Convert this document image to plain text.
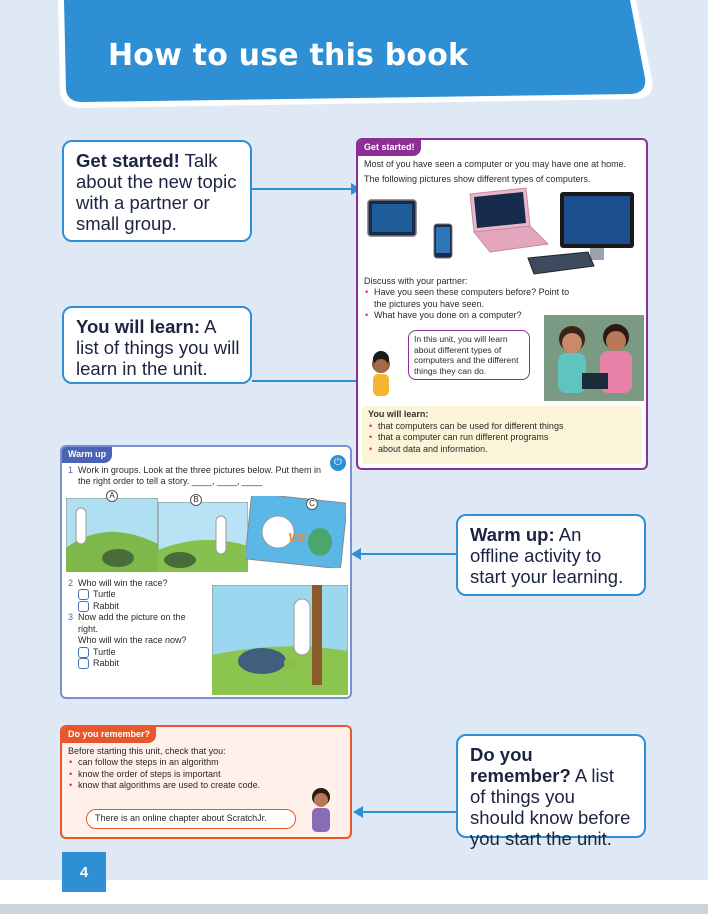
How to use this book
Get started! Talk about the new topic with a partner or small group.
You will learn: A list of things you will learn in the unit.
Get started!
Most of you have seen a computer or you may have one at home.
The following pictures show different types of computers.
Discuss with your partner:
• Have you seen these computers before? Point to the pictures you have seen.
• What have you done on a computer?
In this unit, you will learn about different types of computers and the different things they can do.
You will learn:
• that computers can be used for different things
• that a computer can run different programs
• about data and information.
Warm up
⏻
1 Work in groups. Look at the three pictures below. Put them in the right order to tell a story. ____, ____, ____
A	B	C
VS
2 Who will win the race?
Turtle
Rabbit
3 Now add the picture on the right.
Who will win the race now?
Turtle
Rabbit
Warm up: An offline activity to start your learning.
Do you remember?
Before starting this unit, check that you:
• can follow the steps in an algorithm
• know the order of steps is important
• know that algorithms are used to create code.
There is an online chapter about ScratchJr.
Do you remember? A list of things you should know before you start the unit.
4
